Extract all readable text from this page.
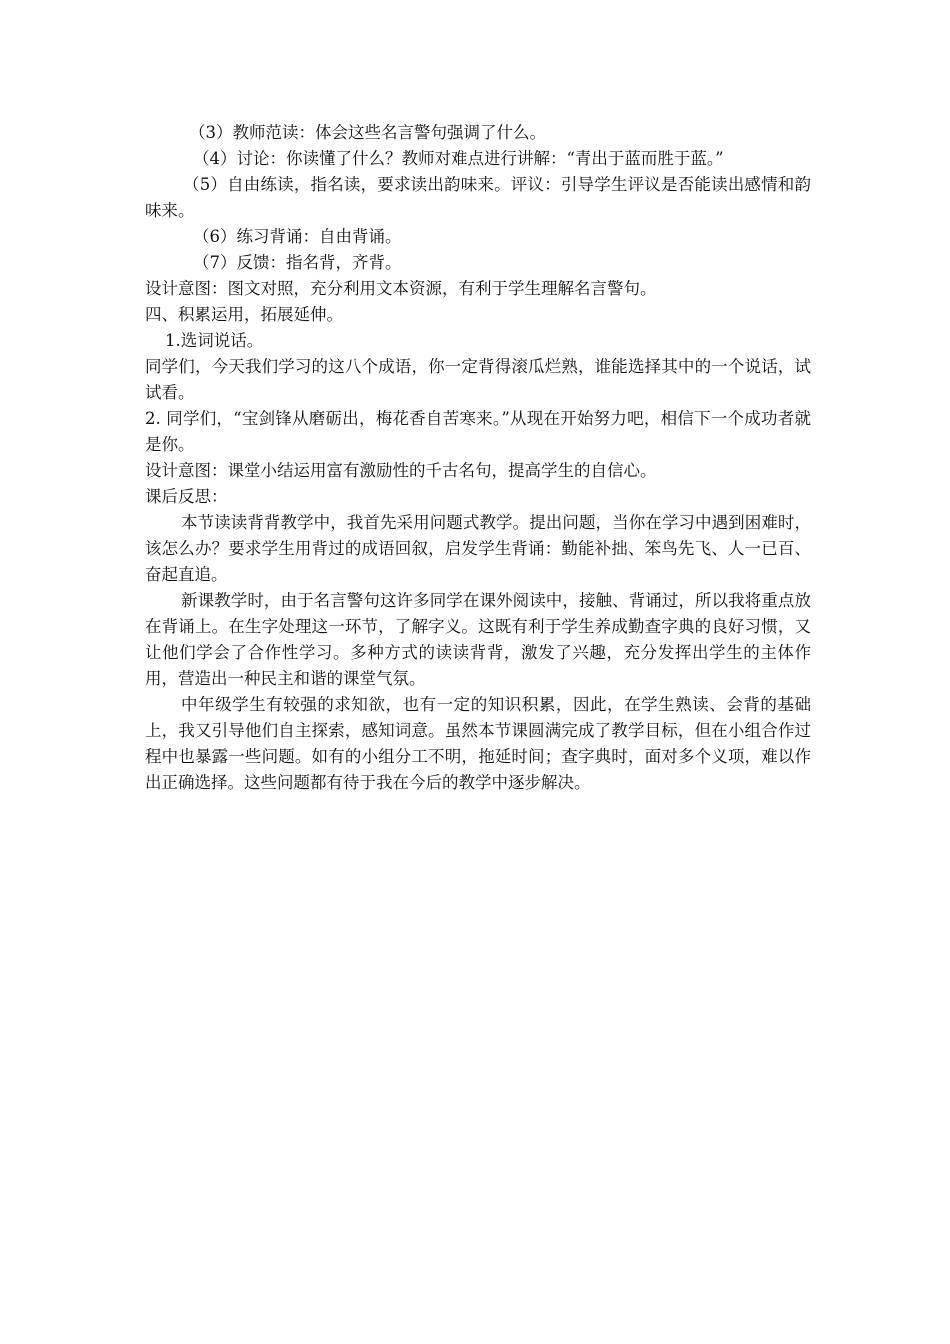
（3）教师范读：体会这些名言警句强调了什么。

（4）讨论：你读懂了什么？教师对难点进行讲解：“青出于蓝而胜于蓝。”

（5）自由练读，指名读，要求读出韵味来。评议：引导学生评议是否能读出感情和韵味来。

（6）练习背诵：自由背诵。

（7）反馈：指名背，齐背。

设计意图：图文对照，充分利用文本资源，有利于学生理解名言警句。

四、积累运用，拓展延伸。

1.选词说话。

同学们，今天我们学习的这八个成语，你一定背得滚瓜烂熟，谁能选择其中的一个说话，试试看。

2. 同学们，“宝剑锋从磨砺出，梅花香自苦寒来。”从现在开始努力吧，相信下一个成功者就是你。

设计意图：课堂小结运用富有激励性的千古名句，提高学生的自信心。

课后反思：

本节读读背背教学中，我首先采用问题式教学。提出问题，当你在学习中遇到困难时，该怎么办？要求学生用背过的成语回叙，启发学生背诵：勤能补拙、笨鸟先飞、人一已百、奋起直追。

新课教学时，由于名言警句这许多同学在课外阅读中，接触、背诵过，所以我将重点放在背诵上。在生字处理这一环节，了解字义。这既有利于学生养成勤查字典的良好习惯，又让他们学会了合作性学习。多种方式的读读背背，激发了兴趣，充分发挥出学生的主体作用，营造出一种民主和谐的课堂气氛。

中年级学生有较强的求知欲，也有一定的知识积累，因此，在学生熟读、会背的基础上，我又引导他们自主探索，感知词意。虽然本节课圆满完成了教学目标，但在小组合作过程中也暴露一些问题。如有的小组分工不明，拖延时间；查字典时，面对多个义项，难以作出正确选择。这些问题都有待于我在今后的教学中逐步解决。
